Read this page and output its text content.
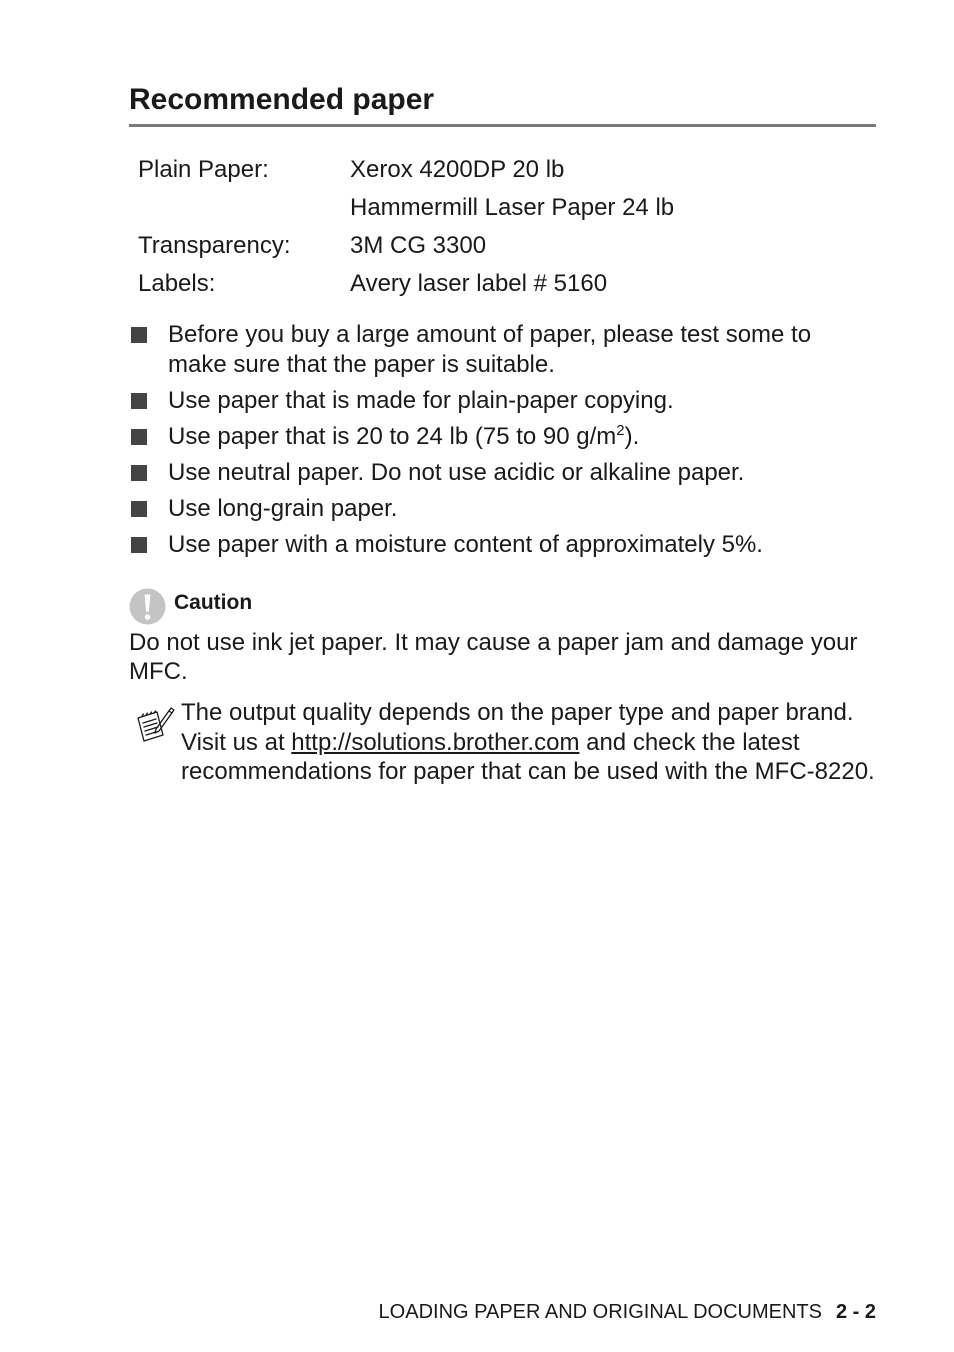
Recommended paper
Plain Paper:	Xerox 4200DP 20 lb
	Hammermill Laser Paper 24 lb
Transparency:	3M CG 3300
Labels:	Avery laser label # 5160
Before you buy a large amount of paper, please test some to make sure that the paper is suitable.
Use paper that is made for plain-paper copying.
Use paper that is 20 to 24 lb (75 to 90 $g/m^2$).
Use neutral paper. Do not use acidic or alkaline paper.
Use long-grain paper.
Use paper with a moisture content of approximately 5%.
Caution

Do not use ink jet paper. It may cause a paper jam and damage your MFC.

The output quality depends on the paper type and paper brand. Visit us at http://solutions.brother.com and check the latest recommendations for paper that can be used with the MFC-8220.

LOADING PAPER AND ORIGINAL DOCUMENTS 2 - 2
